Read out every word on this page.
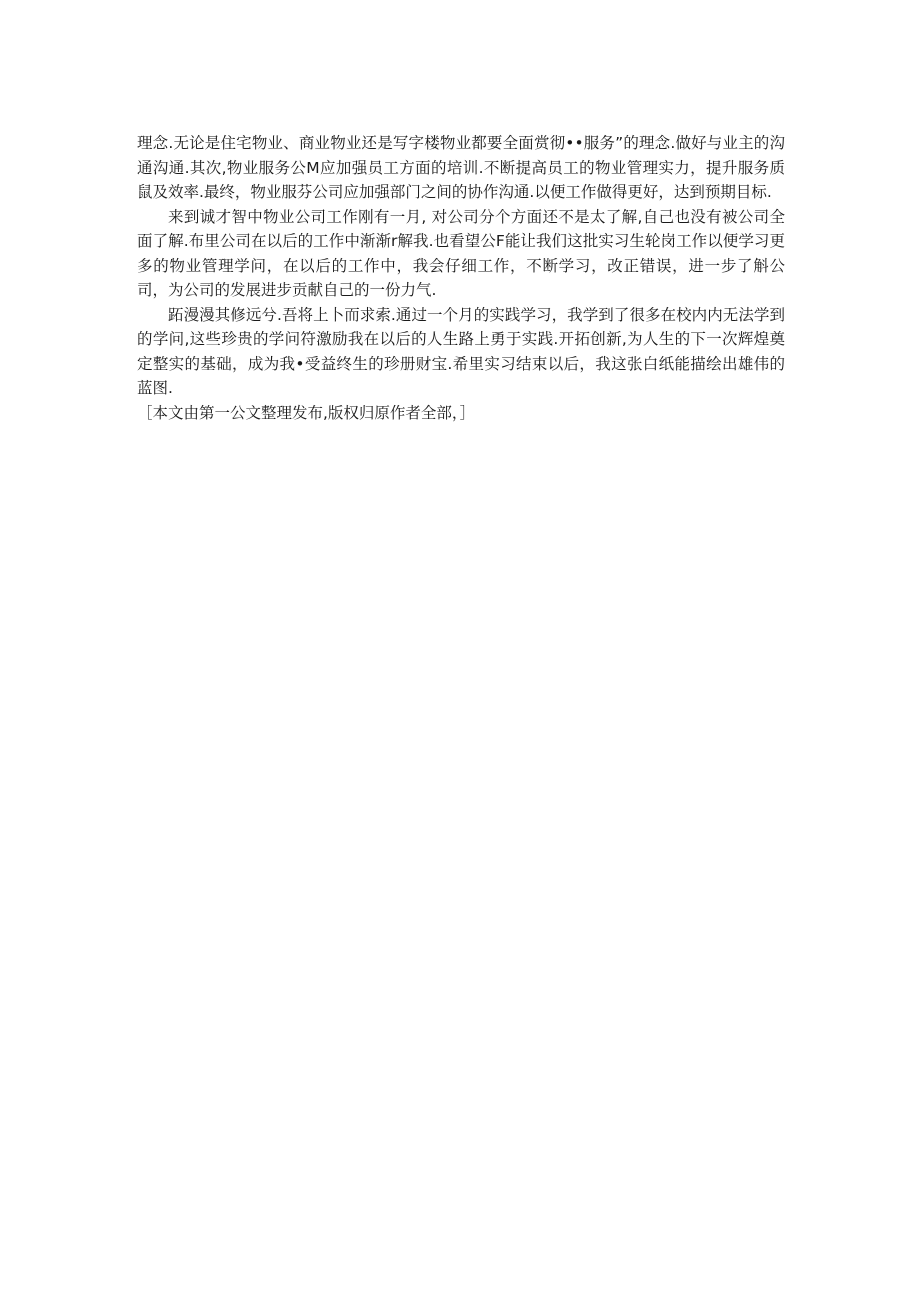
理念.无论是住宅物业、商业物业还是写字楼物业都要全面赏彻••服务”的理念.做好与业主的沟通沟通.其次,物业服务公M应加强员工方面的培训.不断提高员工的物业管理实力，提升服务质鼠及效率.最终，物业服芬公司应加强部门之间的协作沟通.以便工作做得更好，达到预期目标.

来到诚才智中物业公司工作刚有一月, 对公司分个方面还不是太了解,自己也没有被公司全面了解.布里公司在以后的工作中渐渐r解我.也看望公F能让我们这批实习生轮岗工作以便学习更多的物业管理学问，在以后的工作中，我会仔细工作，不断学习，改正错误，进一步了斛公司，为公司的发展进步贡献自己的一份力气.

跖漫漫其修远兮.吾将上卜而求索.通过一个月的实践学习，我学到了很多在校内内无法学到的学问,这些珍贵的学问符激励我在以后的人生路上勇于实践.开拓创新,为人生的下一次辉煌奠定整实的基础，成为我•受益终生的珍册财宝.希里实习结束以后，我这张白纸能描绘出雄伟的蓝图.

［本文由第一公文整理发布,版权归原作者全部，］
